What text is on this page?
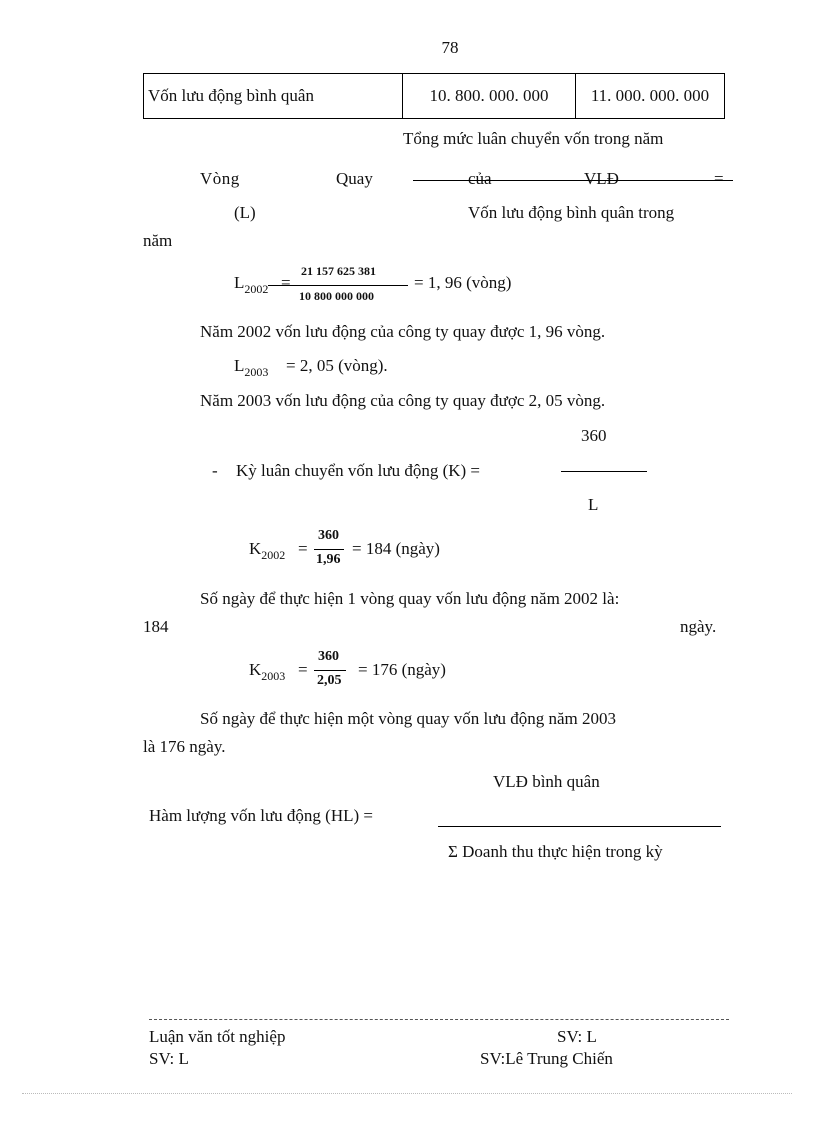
78
Vốn lưu động bình quân	10. 800. 000. 000	11. 000. 000. 000
Tổng mức luân chuyển vốn trong năm
Vòng	Quay	của	VLĐ	=
(L)	Vốn lưu động bình quân trong
năm
$L_{2002}$ =
21 157 625 381
10 800 000 000
= 1, 96 (vòng)
Năm 2002 vốn lưu động của công ty quay được 1, 96 vòng.
$L_{2003} = 2$, 05 (vòng).
Năm 2003 vốn lưu động của công ty quay được 2, 05 vòng.
360
- Kỳ luân chuyển vốn lưu động (K) =
L
$K_{2002}$ =
360
1,96
= 184 (ngày)
Số ngày để thực hiện 1 vòng quay vốn lưu động năm 2002 là:
184	ngày.
$K_{2003}$ =
360
2,05
= 176 (ngày)
Số ngày để thực hiện một vòng quay vốn lưu động năm 2003
là 176 ngày.
VLĐ bình quân
Hàm lượng vốn lưu động (HL) =
Σ Doanh thu thực hiện trong kỳ
Luận văn tốt nghiệp	SV: L
SV: L	SV:Lê Trung Chiến
